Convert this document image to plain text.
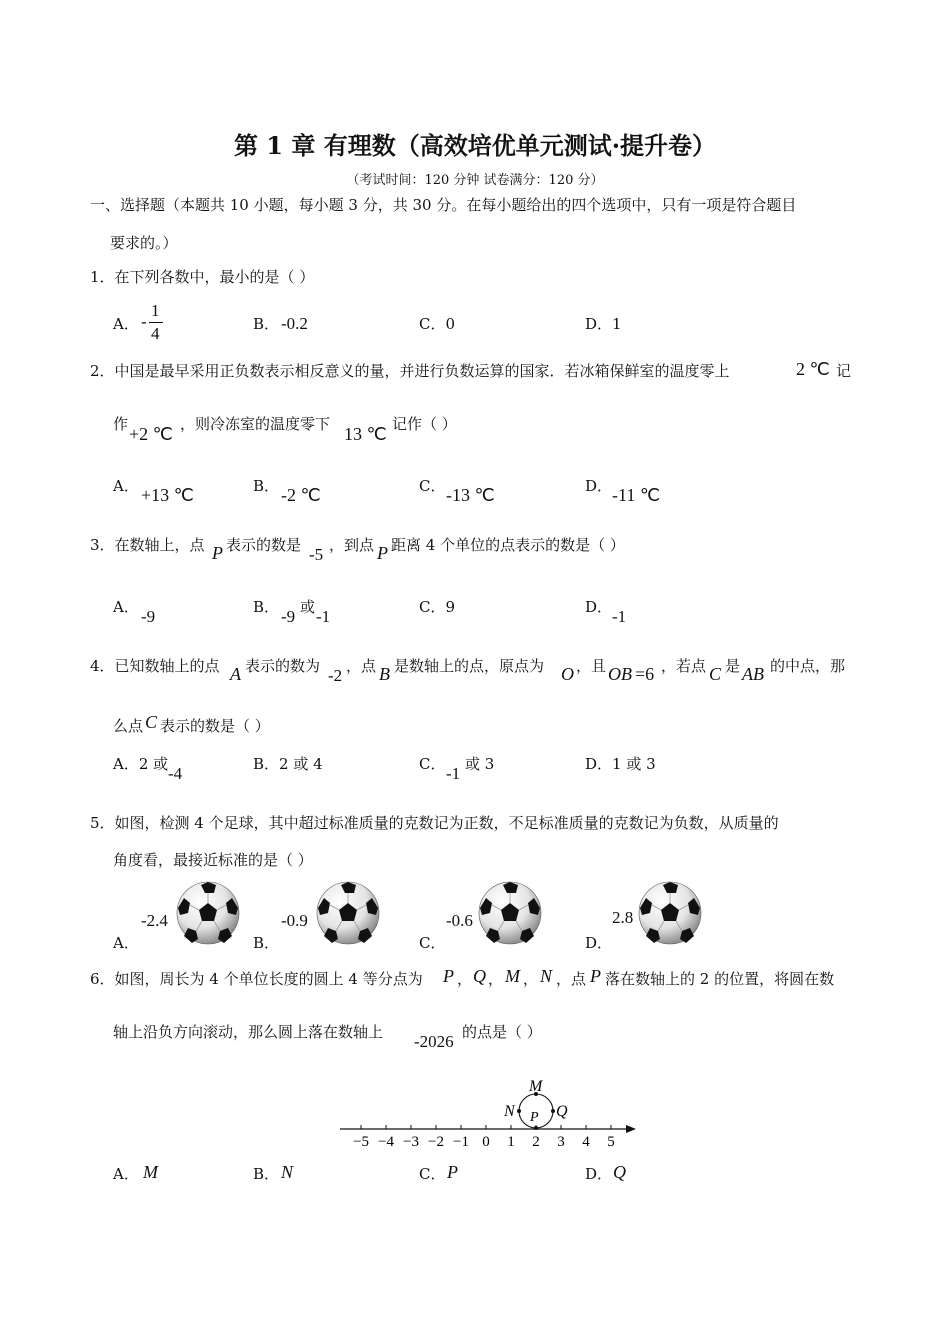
第 1 章 有理数（高效培优单元测试·提升卷）
（考试时间：120 分钟 试卷满分：120 分）
一、选择题（本题共 10 小题，每小题 3 分，共 30 分。在每小题给出的四个选项中，只有一项是符合题目
要求的。）
1．在下列各数中，最小的是（ ）
A． -
1
4	B． -0.2	C．0	D．1
2．中国是最早采用正负数表示相反意义的量，并进行负数运算的国家．若冰箱保鲜室的温度零上	2 ℃ 记
作 +2 ℃ ，则冷冻室的温度零下 13 ℃ 记作（ ）
A． +13 ℃	B． -2 ℃	C． -13 ℃	D． -11 ℃
3．在数轴上，点 P 表示的数是 -5 ，到点 P 距离 4 个单位的点表示的数是（ ）
A． -9	B． -9 或 -1	C．9	D． -1
4．已知数轴上的点 A 表示的数为 -2 ，点 B 是数轴上的点，原点为 O ，且 OB =6 ，若点 C 是 AB 的中点，那
么点 C 表示的数是（ ）
A．2 或 -4	B．2 或 4	C． -1 或 3	D．1 或 3
5．如图，检测 4 个足球，其中超过标准质量的克数记为正数，不足标准质量的克数记为负数，从质量的
角度看，最接近标准的是（ ）
-2.4
A．
-0.9
B．
-0.6
C．
2.8
D．
6．如图，周长为 4 个单位长度的圆上 4 等分点为 P ， Q ， M ， N ，点 P 落在数轴上的 2 的位置，将圆在数
轴上沿负方向滚动，那么圆上落在数轴上 -2026 的点是（ ）
−5 −4 −3 −2 −1 0 1 2 3 4 5
M
N P Q
A． M	B． N	C． P	D． Q
